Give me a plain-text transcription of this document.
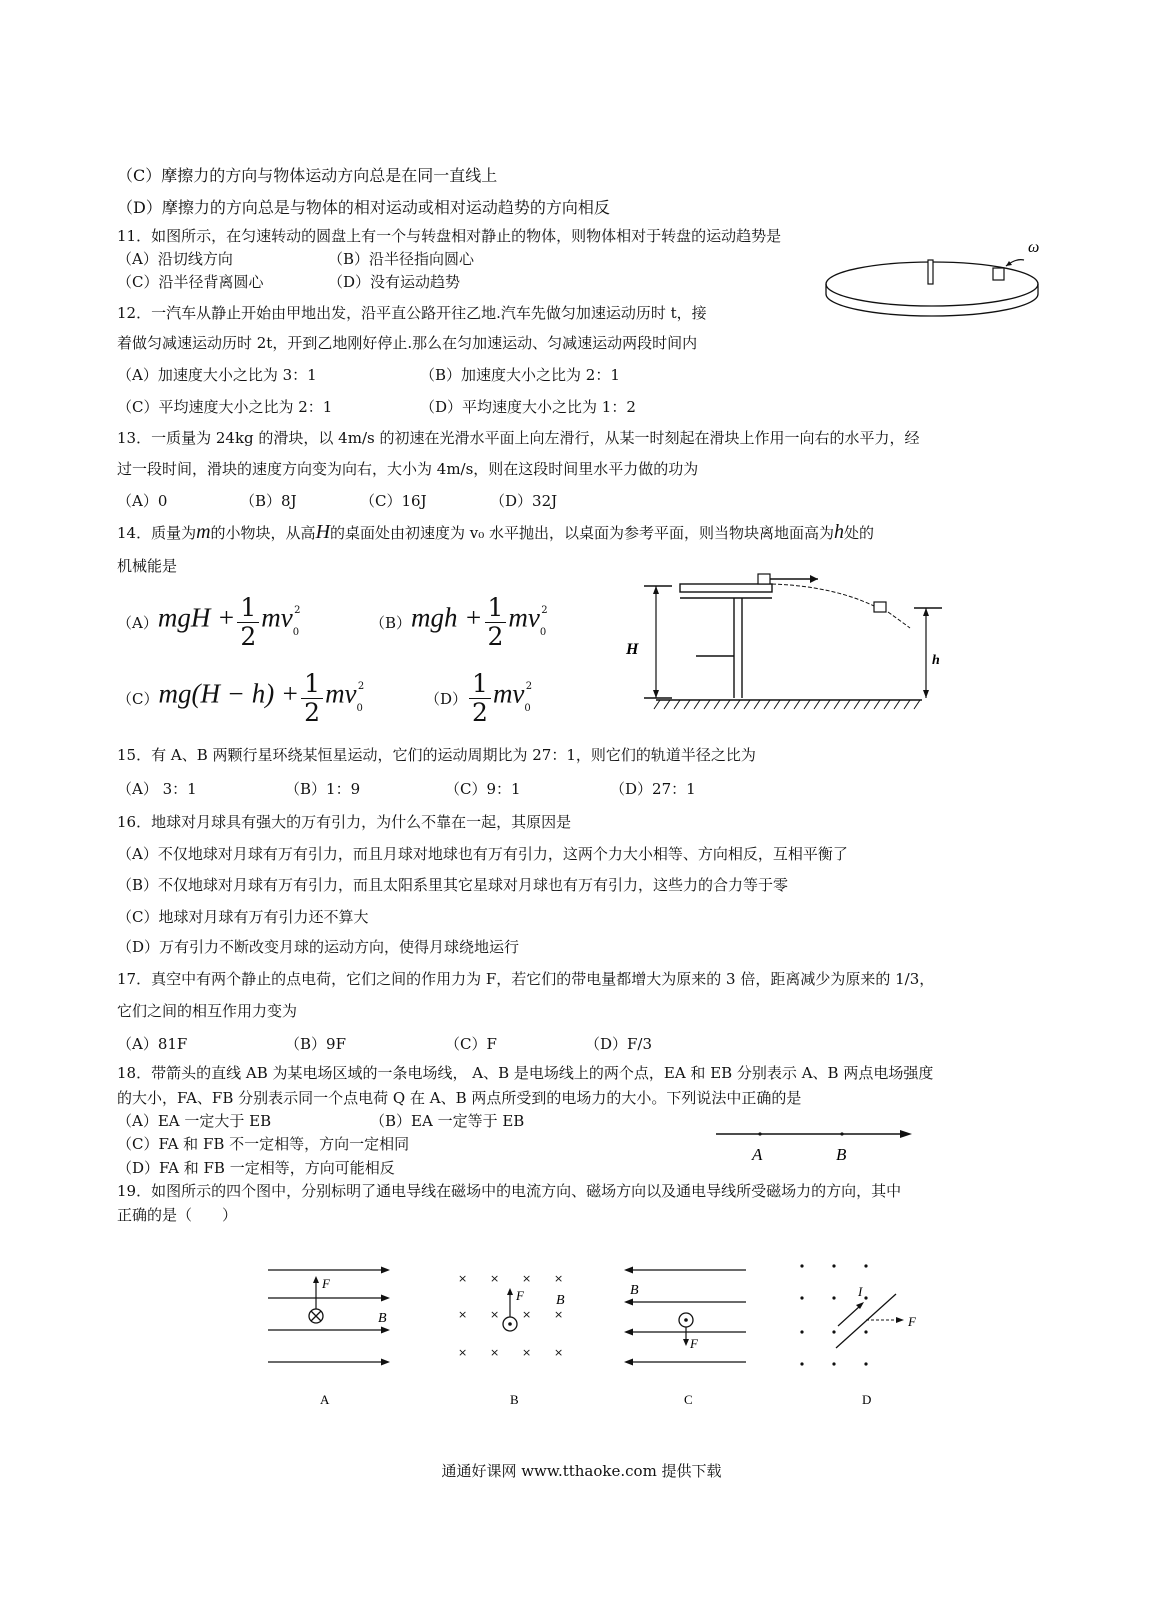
（C）摩擦力的方向与物体运动方向总是在同一直线上
（D）摩擦力的方向总是与物体的相对运动或相对运动趋势的方向相反
11．如图所示，在匀速转动的圆盘上有一个与转盘相对静止的物体，则物体相对于转盘的运动趋势是
（A）沿切线方向	（B）沿半径指向圆心
（C）沿半径背离圆心	（D）没有运动趋势
ω
12．一汽车从静止开始由甲地出发，沿平直公路开往乙地.汽车先做匀加速运动历时 t，接
着做匀减速运动历时 2t，开到乙地刚好停止.那么在匀加速运动、匀减速运动两段时间内
（A）加速度大小之比为 3：1	（B）加速度大小之比为 2：1
（C）平均速度大小之比为 2：1	（D）平均速度大小之比为 1：2
13．一质量为 24kg 的滑块，以 4m/s 的初速在光滑水平面上向左滑行，从某一时刻起在滑块上作用一向右的水平力，经
过一段时间，滑块的速度方向变为向右，大小为 4m/s，则在这段时间里水平力做的功为
（A）0	（B）8J	（C）16J	（D）32J
14．质量为m的小物块，从高H的桌面处由初速度为 v₀ 水平抛出，以桌面为参考平面，则当物块离地面高为h处的
机械能是
$(A)mgH + \frac{1}{2} mv_0^2$
$(B)mgh + \frac{1}{2} mv_0^2$
$(C)mg(H - h) + \frac{1}{2} mv_0^2$
$(D) \frac{1}{2} mv_0^2$
H
h
15．有 A、B 两颗行星环绕某恒星运动，它们的运动周期比为 27：1，则它们的轨道半径之比为
（A） 3：1	（B）1：9	（C）9：1	（D）27：1
16．地球对月球具有强大的万有引力，为什么不靠在一起，其原因是
（A）不仅地球对月球有万有引力，而且月球对地球也有万有引力，这两个力大小相等、方向相反，互相平衡了
（B）不仅地球对月球有万有引力，而且太阳系里其它星球对月球也有万有引力，这些力的合力等于零
（C）地球对月球有万有引力还不算大
（D）万有引力不断改变月球的运动方向，使得月球绕地运行
17．真空中有两个静止的点电荷，它们之间的作用力为 F，若它们的带电量都增大为原来的 3 倍，距离减少为原来的 1/3，
它们之间的相互作用力变为
（A）81F	（B）9F	（C）F	（D）F/3
18．带箭头的直线 AB 为某电场区域的一条电场线， A、B 是电场线上的两个点，EA 和 EB 分别表示 A、B 两点电场强度
的大小，FA、FB 分别表示同一个点电荷 Q 在 A、B 两点所受到的电场力的大小。下列说法中正确的是
（A）EA 一定大于 EB	（B）EA 一定等于 EB
（C）FA 和 FB 不一定相等，方向一定相同
（D）FA 和 FB 一定相等，方向可能相反
A	B
19．如图所示的四个图中，分别标明了通电导线在磁场中的电流方向、磁场方向以及通电导线所受磁场力的方向，其中
正确的是（　　）
F
B
A
× × × ×
× × × ×
× × × ×
F B
B
F
B
C
I
F
D
通通好课网 www.tthaoke.com 提供下载
